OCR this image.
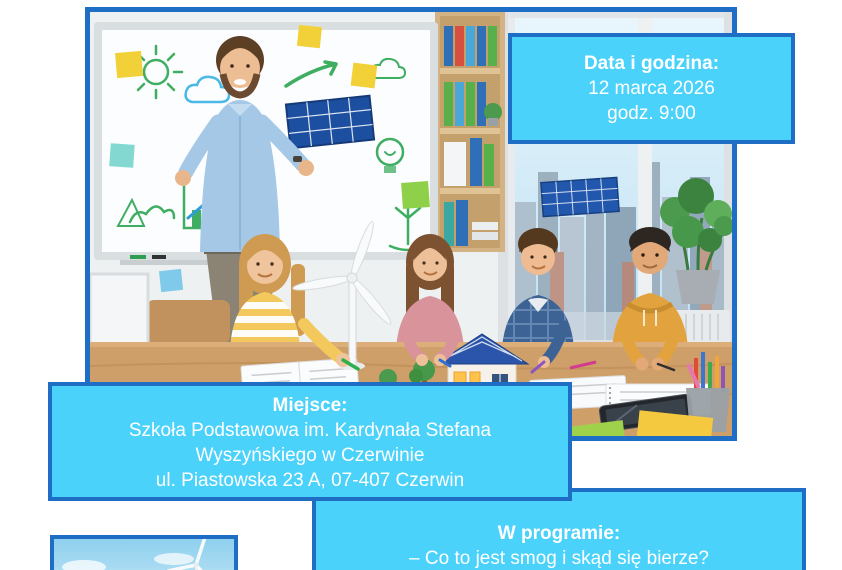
Data i godzina:
12 marca 2026
godz. 9:00
Miejsce:
Szkoła Podstawowa im. Kardynała Stefana
Wyszyńskiego w Czerwinie
ul. Piastowska 23 A, 07-407 Czerwin
W programie:
– Co to jest smog i skąd się bierze?
